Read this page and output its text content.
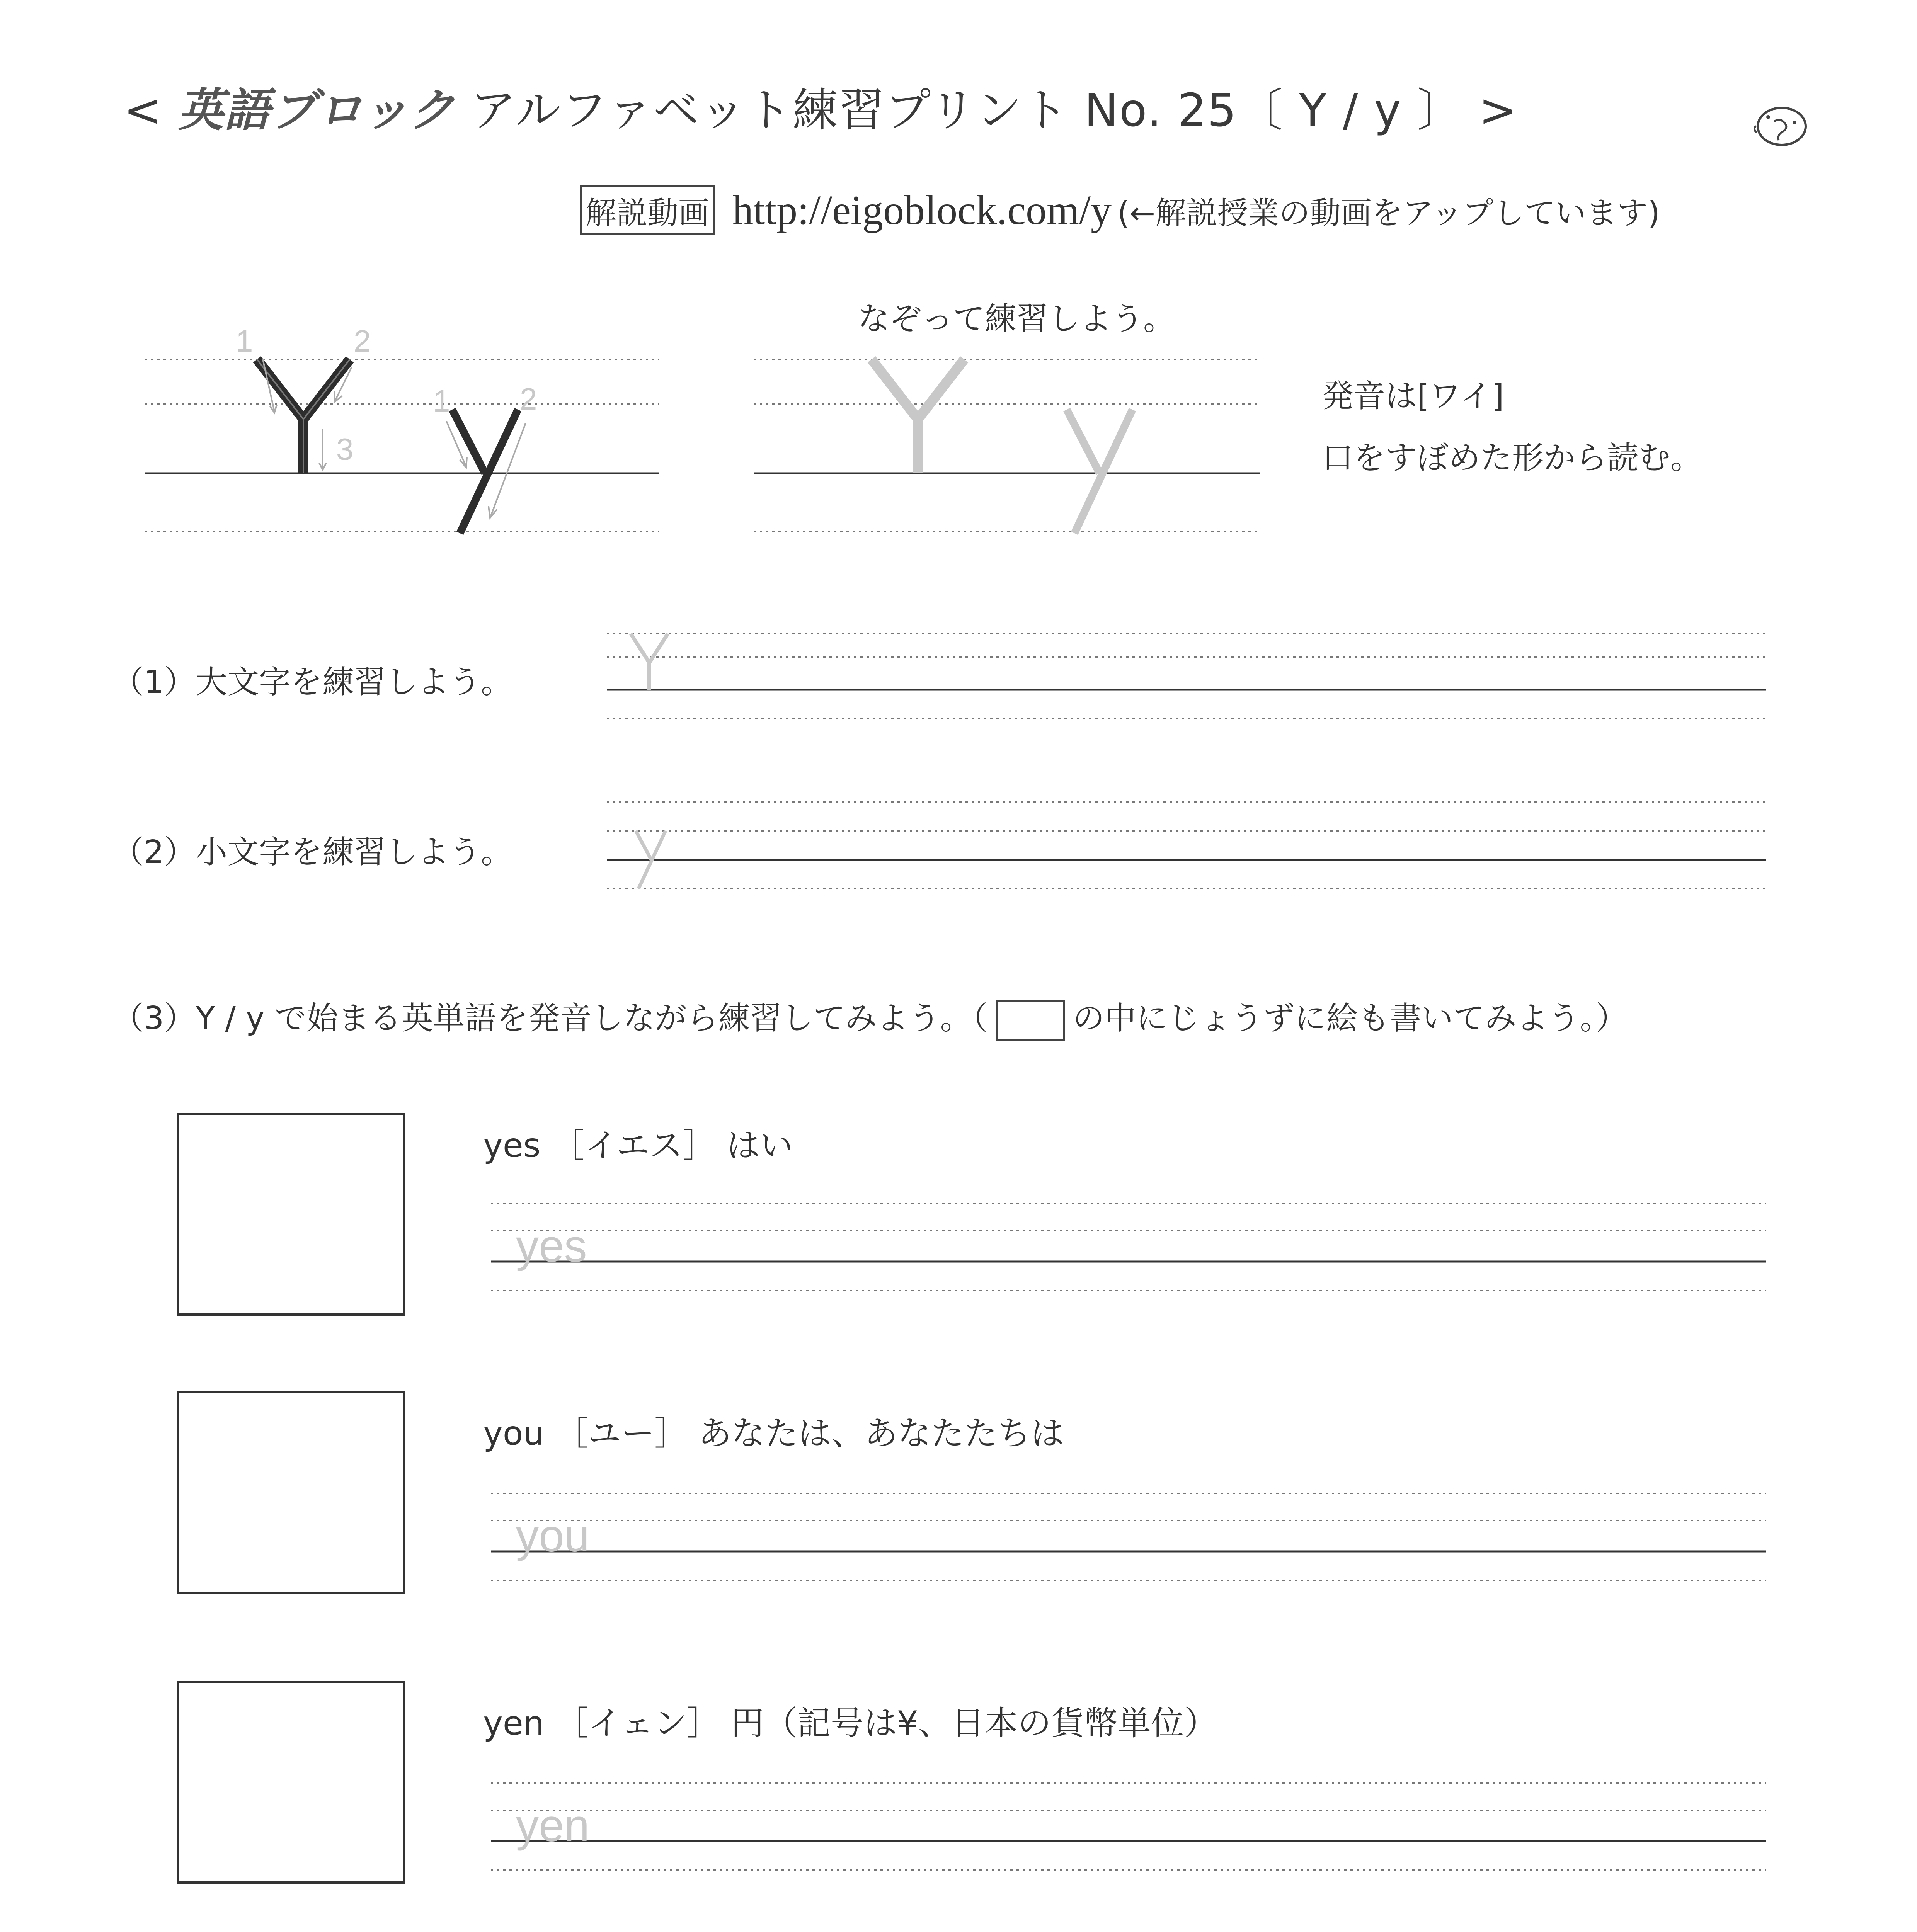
< 英語ブロック アルファベット練習プリント No. 25〔 Y / y 〕 >
解説動画 http://eigoblock.com/y (←解説授業の動画をアップしています)
なぞって練習しよう。
発音は[ワイ]
口をすぼめた形から読む。
1	2
3
1 2
yes
you
yen
（1）大文字を練習しよう。
（2）小文字を練習しよう。
（3）Y / y で始まる英単語を発音しながら練習してみよう。（	の中にじょうずに絵も書いてみよう。）
yes ［イエス］ はい
you ［ユー］ あなたは、あなたたちは
yen ［イェン］ 円（記号は¥、日本の貨幣単位）
